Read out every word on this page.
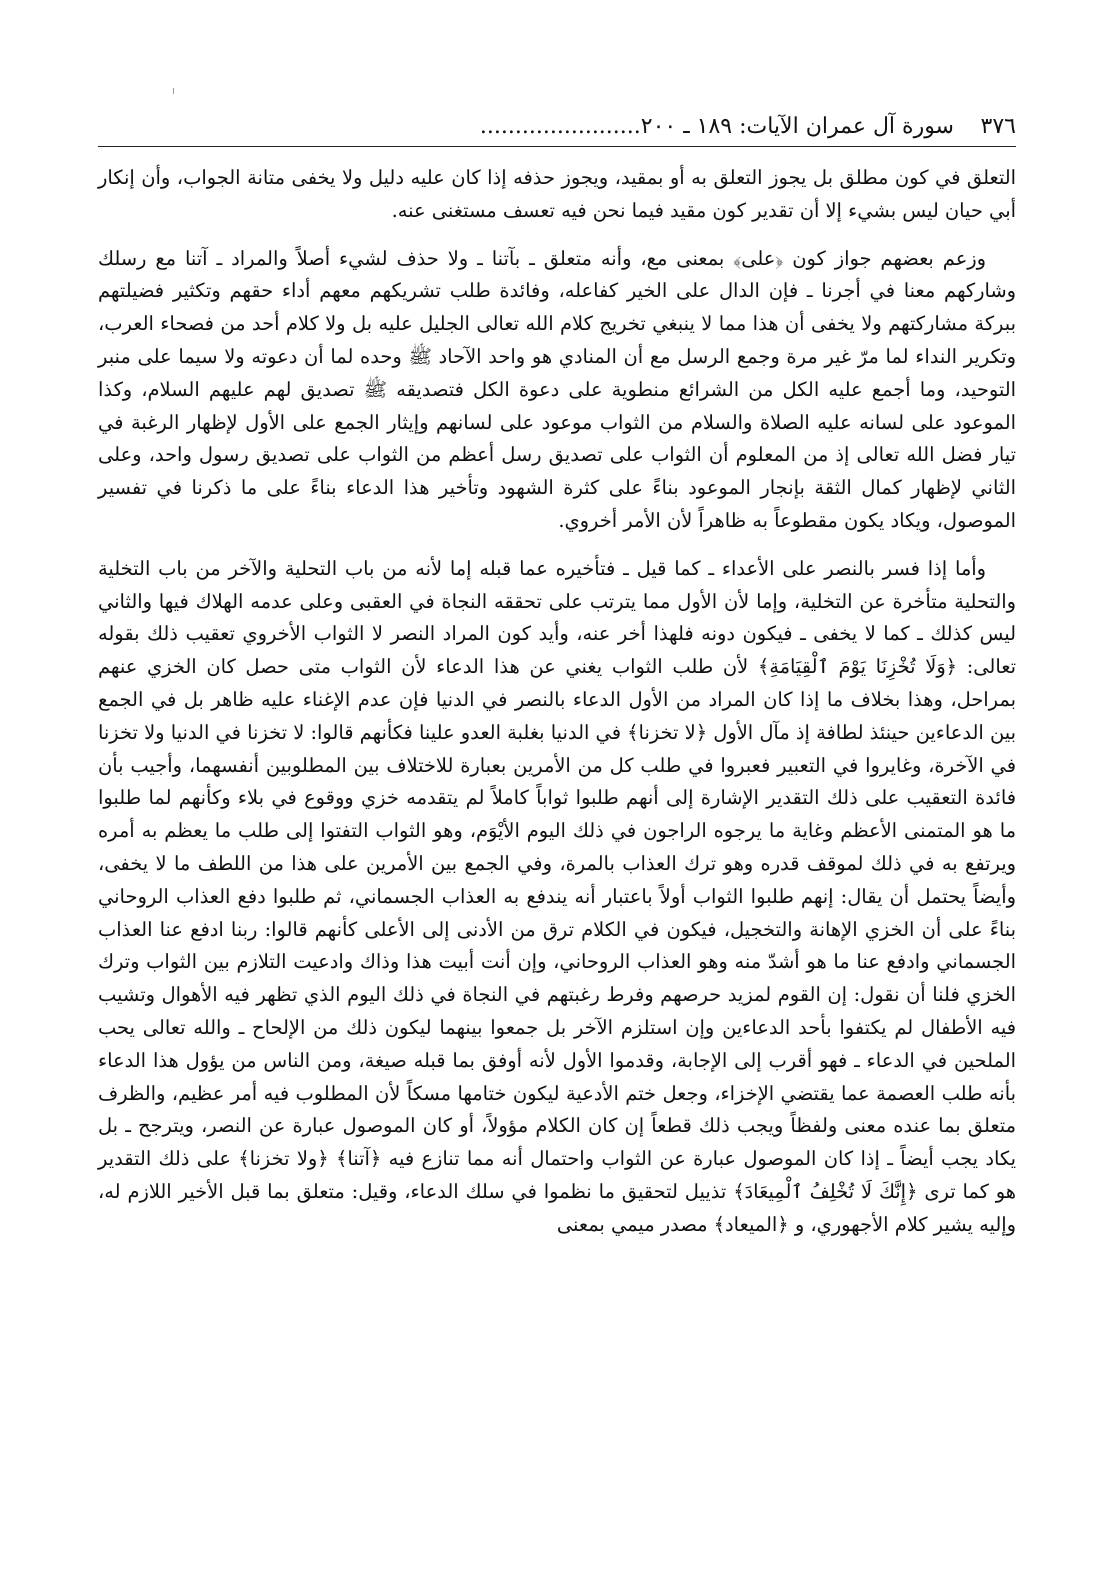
٣٧٦
سورة آل عمران الآيات: ١٨٩ ـ ٢٠٠.......................

التعلق في كون مطلق بل يجوز التعلق به أو بمقيد، ويجوز حذفه إذا كان عليه دليل ولا يخفى متانة الجواب، وأن إنكار أبي حيان ليس بشيء إلا أن تقدير كون مقيد فيما نحن فيه تعسف مستغنى عنه.

وزعم بعضهم جواز كون ﴿على﴾ بمعنى مع، وأنه متعلق ـ بآتنا ـ ولا حذف لشيء أصلاً والمراد ـ آتنا مع رسلك وشاركهم معنا في أجرنا ـ فإن الدال على الخير كفاعله، وفائدة طلب تشريكهم معهم أداء حقهم وتكثير فضيلتهم ببركة مشاركتهم ولا يخفى أن هذا مما لا ينبغي تخريج كلام الله تعالى الجليل عليه بل ولا كلام أحد من فصحاء العرب، وتكرير النداء لما مرّ غير مرة وجمع الرسل مع أن المنادي هو واحد الآحاد ﷺ وحده لما أن دعوته ولا سيما على منبر التوحيد، وما أجمع عليه الكل من الشرائع منطوية على دعوة الكل فتصديقه ﷺ تصديق لهم عليهم السلام، وكذا الموعود على لسانه عليه الصلاة والسلام من الثواب موعود على لسانهم وإيثار الجمع على الأول لإظهار الرغبة في تيار فضل الله تعالى إذ من المعلوم أن الثواب على تصديق رسل أعظم من الثواب على تصديق رسول واحد، وعلى الثاني لإظهار كمال الثقة بإنجار الموعود بناءً على كثرة الشهود وتأخير هذا الدعاء بناءً على ما ذكرنا في تفسير الموصول، ويكاد يكون مقطوعاً به ظاهراً لأن الأمر أخروي.

وأما إذا فسر بالنصر على الأعداء ـ كما قيل ـ فتأخيره عما قبله إما لأنه من باب التحلية والآخر من باب التخلية والتحلية متأخرة عن التخلية، وإما لأن الأول مما يترتب على تحققه النجاة في العقبى وعلى عدمه الهلاك فيها والثاني ليس كذلك ـ كما لا يخفى ـ فيكون دونه فلهذا أخر عنه، وأيد كون المراد النصر لا الثواب الأخروي تعقيب ذلك بقوله تعالى: ﴿وَلَا تُخْزِنَا يَوْمَ ٱلْقِيَامَةِ﴾ لأن طلب الثواب يغني عن هذا الدعاء لأن الثواب متى حصل كان الخزي عنهم بمراحل، وهذا بخلاف ما إذا كان المراد من الأول الدعاء بالنصر في الدنيا فإن عدم الإغناء عليه ظاهر بل في الجمع بين الدعاءين حينئذ لطافة إذ مآل الأول ﴿لا تخزنا﴾ في الدنيا بغلبة العدو علينا فكأنهم قالوا: لا تخزنا في الدنيا ولا تخزنا في الآخرة، وغايروا في التعبير فعبروا في طلب كل من الأمرين بعبارة للاختلاف بين المطلوبين أنفسهما، وأجيب بأن فائدة التعقيب على ذلك التقدير الإشارة إلى أنهم طلبوا ثواباً كاملاً لم يتقدمه خزي ووقوع في بلاء وكأنهم لما طلبوا ما هو المتمنى الأعظم وغاية ما يرجوه الراجون في ذلك اليوم الأيْوَم، وهو الثواب التفتوا إلى طلب ما يعظم به أمره ويرتفع به في ذلك لموقف قدره وهو ترك العذاب بالمرة، وفي الجمع بين الأمرين على هذا من اللطف ما لا يخفى، وأيضاً يحتمل أن يقال: إنهم طلبوا الثواب أولاً باعتبار أنه يندفع به العذاب الجسماني، ثم طلبوا دفع العذاب الروحاني بناءً على أن الخزي الإهانة والتخجيل، فيكون في الكلام ترق من الأدنى إلى الأعلى كأنهم قالوا: ربنا ادفع عنا العذاب الجسماني وادفع عنا ما هو أشدّ منه وهو العذاب الروحاني، وإن أنت أبيت هذا وذاك وادعيت التلازم بين الثواب وترك الخزي فلنا أن نقول: إن القوم لمزيد حرصهم وفرط رغبتهم في النجاة في ذلك اليوم الذي تظهر فيه الأهوال وتشيب فيه الأطفال لم يكتفوا بأحد الدعاءين وإن استلزم الآخر بل جمعوا بينهما ليكون ذلك من الإلحاح ـ والله تعالى يحب الملحين في الدعاء ـ فهو أقرب إلى الإجابة، وقدموا الأول لأنه أوفق بما قبله صيغة، ومن الناس من يؤول هذا الدعاء بأنه طلب العصمة عما يقتضي الإخزاء، وجعل ختم الأدعية ليكون ختامها مسكاً لأن المطلوب فيه أمر عظيم، والظرف متعلق بما عنده معنى ولفظاً ويجب ذلك قطعاً إن كان الكلام مؤولاً، أو كان الموصول عبارة عن النصر، ويترجح ـ بل يكاد يجب أيضاً ـ إذا كان الموصول عبارة عن الثواب واحتمال أنه مما تنازع فيه ﴿آتنا﴾ ﴿ولا تخزنا﴾ على ذلك التقدير هو كما ترى ﴿إِنَّكَ لَا تُخْلِفُ ٱلْمِيعَادَ﴾ تذييل لتحقيق ما نظموا في سلك الدعاء، وقيل: متعلق بما قبل الأخير اللازم له، وإليه يشير كلام الأجهوري، و ﴿الميعاد﴾ مصدر ميمي بمعنى
